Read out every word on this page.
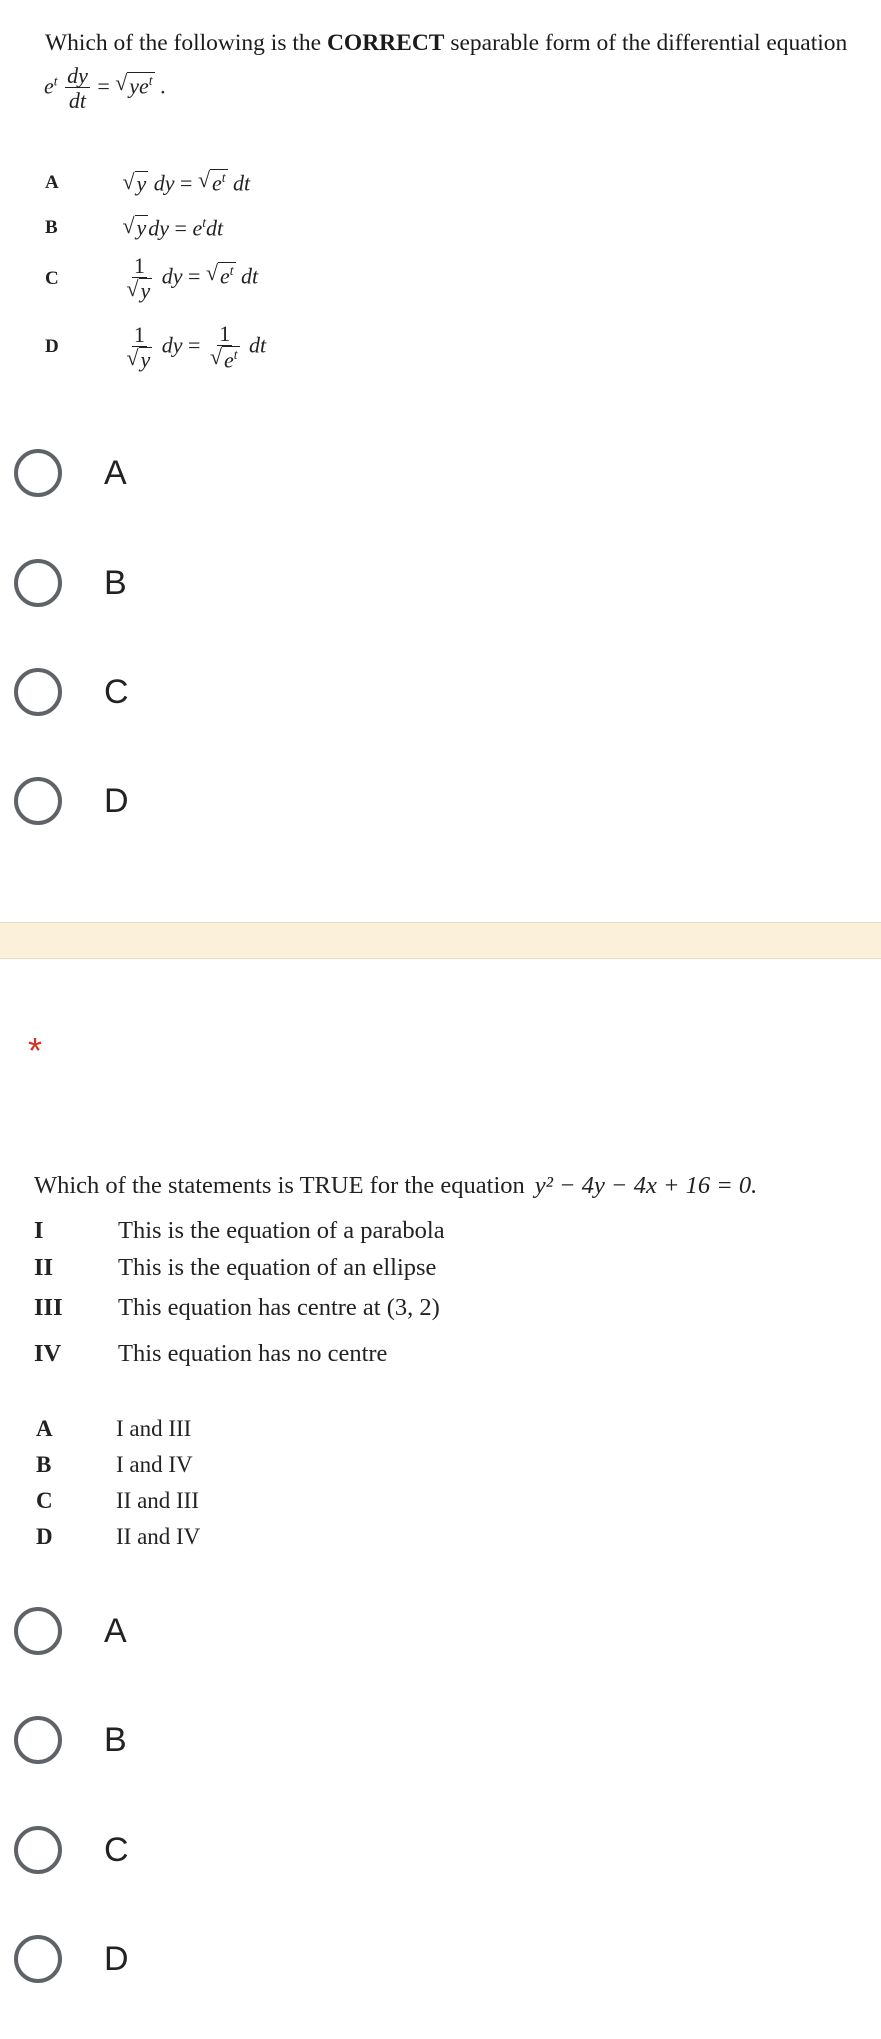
Which of the following is the CORRECT separable form of the differential equation
$e^t \frac{dy}{dt}$ = √ $ye^t$ .
A	√ y dy = √ $e^t$ dt
B	√ ydy = $e^tdt$
C	$\frac{1}{√ y}$ dy = √ $e^t$ dt
D	$\frac{1}{√ y}$ dy = $\frac{1}{√ e^t}$ dt
A
B
C
D
*
Which of the statements is TRUE for the equation y² − 4y − 4x + 16 = 0.
I	This is the equation of a parabola
II	This is the equation of an ellipse
III This equation has centre at (3, 2)
IV This equation has no centre
A	I and III
B	I and IV
C	II and III
D	II and IV
A
B
C
D
